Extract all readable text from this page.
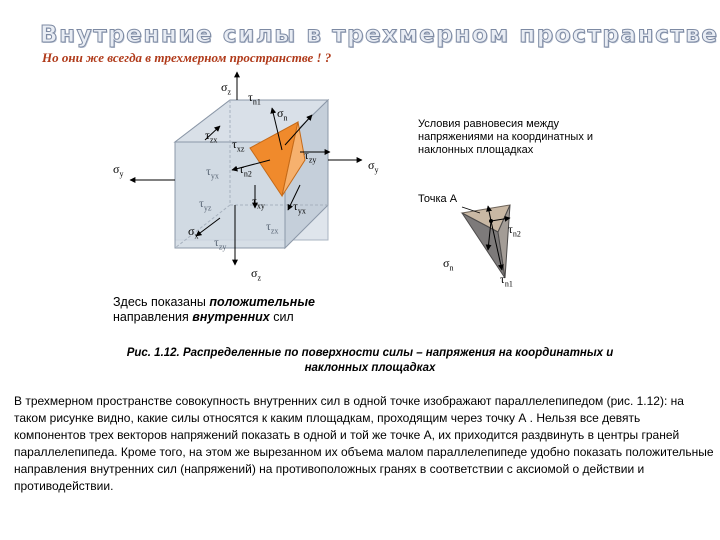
Внутренние силы в трехмерном пространстве
Но они же всегда в трехмерном пространстве ! ?
$\sigma_z$ $\tau_{n1}$
$\sigma_n$
$\tau_{zx}$ $\tau_{xz}$	$\tau_{zy}$
$\sigma_y$
$\sigma_y$
$\tau_{yx}$ $\tau_{n2}$
$\tau_{yz}$	$\tau_{xy}$ $\tau_{yx}$
$\sigma_x$
$\tau_{zx}$
$\tau_{zy}$
$\sigma_z$
Условия равновесия между напряжениями на координатных и наклонных площадках
Точка А
$\tau_{n2}$
$\sigma_n$
$\tau_{n1}$
Здесь показаны положительные
направления внутренних сил
Рис. 1.12. Распределенные по поверхности силы – напряжения на координатных и наклонных площадках
В трехмерном пространстве совокупность внутренних сил в одной точке изображают параллелепипедом (рис. 1.12): на таком рисунке видно, какие силы относятся к каким площадкам, проходящим через точку А . Нельзя все девять компонентов трех векторов напряжений показать в одной и той же точке А, их приходится раздвинуть в центры граней параллелепипеда. Кроме того, на этом же вырезанном их объема малом параллелепипеде удобно показать положительные направления внутренних сил (напряжений) на противоположных гранях в соответствии с аксиомой о действии и противодействии.
